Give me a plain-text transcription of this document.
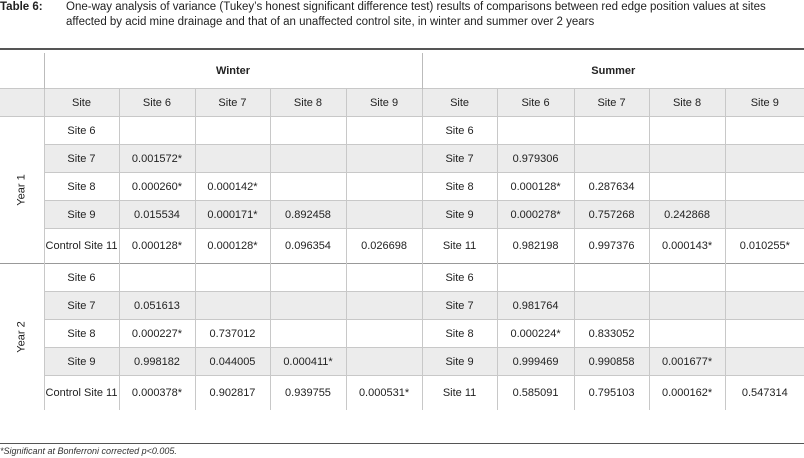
Table 6: One-way analysis of variance (Tukey’s honest significant difference test) results of comparisons between red edge position values at sites affected by acid mine drainage and that of an unaffected control site, in winter and summer over 2 years
	Winter					Summer				
	Site	Site 6	Site 7	Site 8	Site 9	Site	Site 6	Site 7	Site 8	Site 9
Year 1	Site 6					Site 6				
	Site 7	0.001572*				Site 7	0.979306			
	Site 8	0.000260*	0.000142*			Site 8	0.000128*	0.287634		
	Site 9	0.015534	0.000171*	0.892458		Site 9	0.000278*	0.757268	0.242868	
	Control Site 11	0.000128*	0.000128*	0.096354	0.026698	Site 11	0.982198	0.997376	0.000143*	0.010255*
Year 2	Site 6					Site 6				
	Site 7	0.051613				Site 7	0.981764			
	Site 8	0.000227*	0.737012			Site 8	0.000224*	0.833052		
	Site 9	0.998182	0.044005	0.000411*		Site 9	0.999469	0.990858	0.001677*	
	Control Site 11	0.000378*	0.902817	0.939755	0.000531*	Site 11	0.585091	0.795103	0.000162*	0.547314
*Significant at Bonferroni corrected p<0.005.
